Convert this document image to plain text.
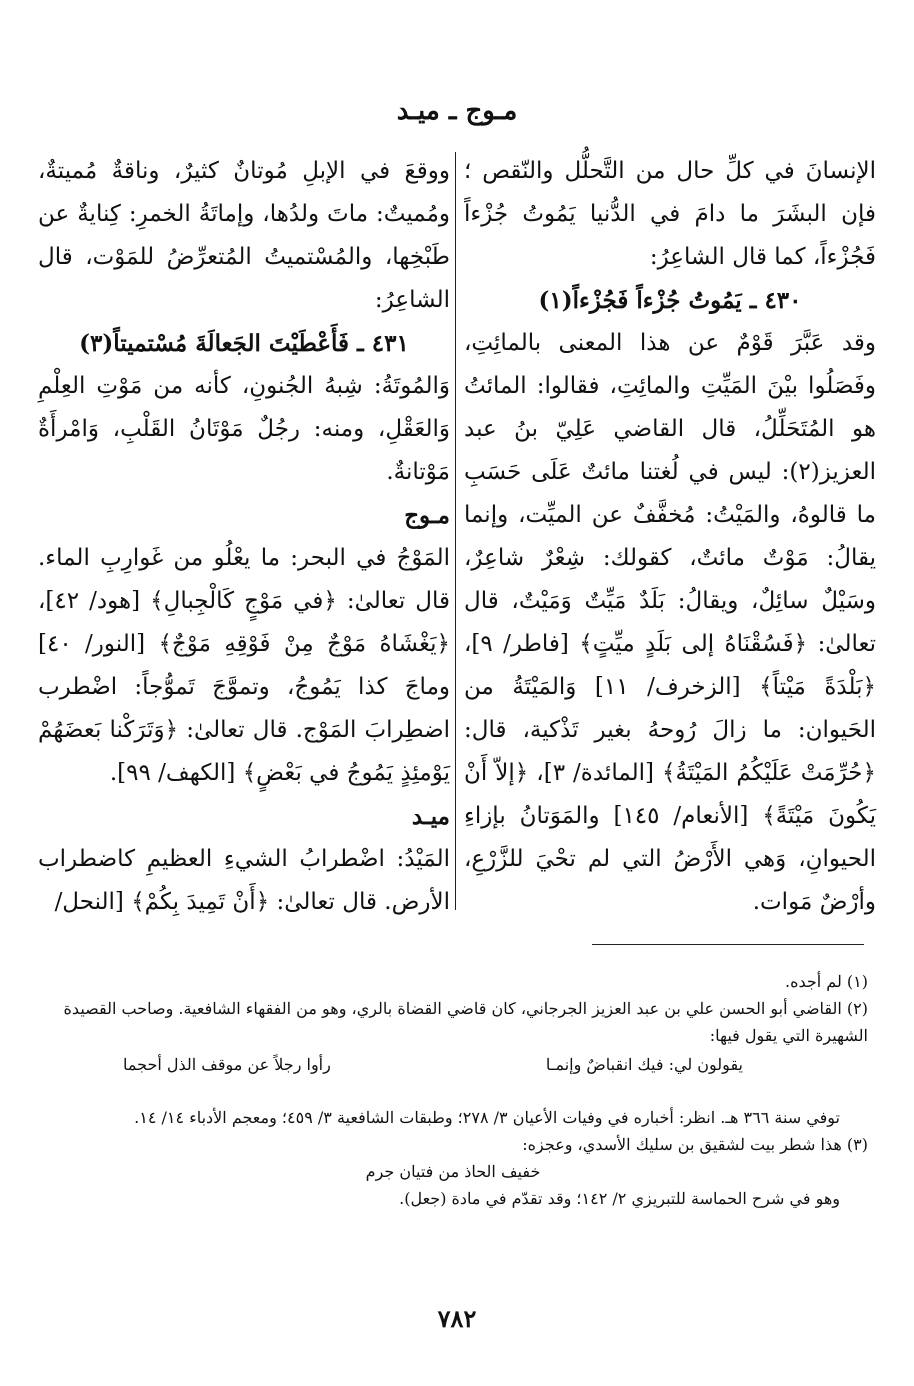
مـوج ـ ميـد

الإنسانَ في كلِّ حال من التَّحلُّل والنّقص ؛ فإن البشَرَ ما دامَ في الدُّنيا يَمُوتُ جُزْءاً فَجُزْءاً، كما قال الشاعِرُ:

٤٣٠ ـ يَمُوتُ جُزْءاً فَجُزْءاً(١)

وقد عَبَّرَ قَوْمٌ عن هذا المعنى بالمائِتِ، وفَصَلُوا بيْنَ المَيِّتِ والمائِتِ، فقالوا: المائتُ هو المُتَحَلِّلُ، قال القاضي عَلِيّ بنُ عبد العزيز(٢): ليس في لُغتنا مائتٌ عَلَى حَسَبِ ما قالوهُ، والمَيْتُ: مُخفَّفٌ عن الميِّت، وإنما يقالُ: مَوْتٌ مائتٌ، كقولك: شِعْرٌ شاعِرٌ، وسَيْلٌ سائِلٌ، ويقالُ: بَلَدٌ مَيِّتٌ وَمَيْتٌ، قال تعالىٰ: ﴿فَسُقْنَاهُ إلى بَلَدٍ ميِّتٍ﴾ [فاطر/ ٩]، ﴿بَلْدَةً مَيْتاً﴾ [الزخرف/ ١١] وَالمَيْتَةُ من الحَيوان: ما زالَ رُوحهُ بغير تَذْكية، قال: ﴿حُرِّمَتْ عَلَيْكُمُ المَيْتَةُ﴾ [المائدة/ ٣]، ﴿إلاّ أَنْ يَكُونَ مَيْتَةً﴾ [الأنعام/ ١٤٥] والمَوَتانُ بإزاءِ الحيوانِ، وَهي الأَرْضُ التي لم تحْيَ للزَّرْعِ، وأرْضٌ مَوات.

ووقعَ في الإبلِ مُوتانٌ كثيرٌ، وناقةٌ مُميتةٌ، ومُميتٌ: ماتَ ولدُها، وإماتَةُ الخمرِ: كِنايةٌ عن طَبْخِها، والمُسْتميتُ المُتعرِّضُ للمَوْت، قال الشاعِرُ:

٤٣١ ـ فَأَعْطَيْتَ الجَعالَةَ مُسْتميتاً(٣)

وَالمُوتَةُ: شِبهُ الجُنونِ، كأنه من مَوْتِ العِلْمِ وَالعَقْلِ، ومنه: رجُلٌ مَوْتَانُ القَلْبِ، وَامْرأَةٌ مَوْتانةٌ.

مـوج

المَوْجُ في البحر: ما يعْلُو من غَوارِبِ الماء. قال تعالىٰ: ﴿في مَوْجٍ كَالْجِبالِ﴾ [هود/ ٤٢]، ﴿يَغْشَاهُ مَوْجٌ مِنْ فَوْقِهِ مَوْجٌ﴾ [النور/ ٤٠] وماجَ كذا يَمُوجُ، وتموَّجَ تَموُّجاً: اضْطرب اضطِرابَ المَوْج. قال تعالىٰ: ﴿وَتَرَكْنا بَعضَهُمْ يَوْمئِذٍ يَمُوجُ في بَعْضٍ﴾ [الكهف/ ٩٩].

ميـد

المَيْدُ: اضْطرابُ الشيءِ العظيمِ كاضطراب الأرض. قال تعالىٰ: ﴿أَنْ تَمِيدَ بِكُمْ﴾ [النحل/

(١) لم أجده.

(٢) القاضي أبو الحسن علي بن عبد العزيز الجرجاني، كان قاضي القضاة بالري، وهو من الفقهاء الشافعية. وصاحب القصيدة الشهيرة التي يقول فيها:

يقولون لي: فيك انقباضٌ وإنمـا
رأوا رجلاً عن موقف الذل أحجما

توفي سنة ٣٦٦ هـ. انظر: أخباره في وفيات الأعيان ٣/ ٢٧٨؛ وطبقات الشافعية ٣/ ٤٥٩؛ ومعجم الأدباء ١٤/ ١٤.

(٣) هذا شطر بيت لشقيق بن سليك الأسدي، وعجزه:

خفيف الحاذ من فتيان جرم

وهو في شرح الحماسة للتبريزي ٢/ ١٤٢؛ وقد تقدّم في مادة (جعل).

٧٨٢
